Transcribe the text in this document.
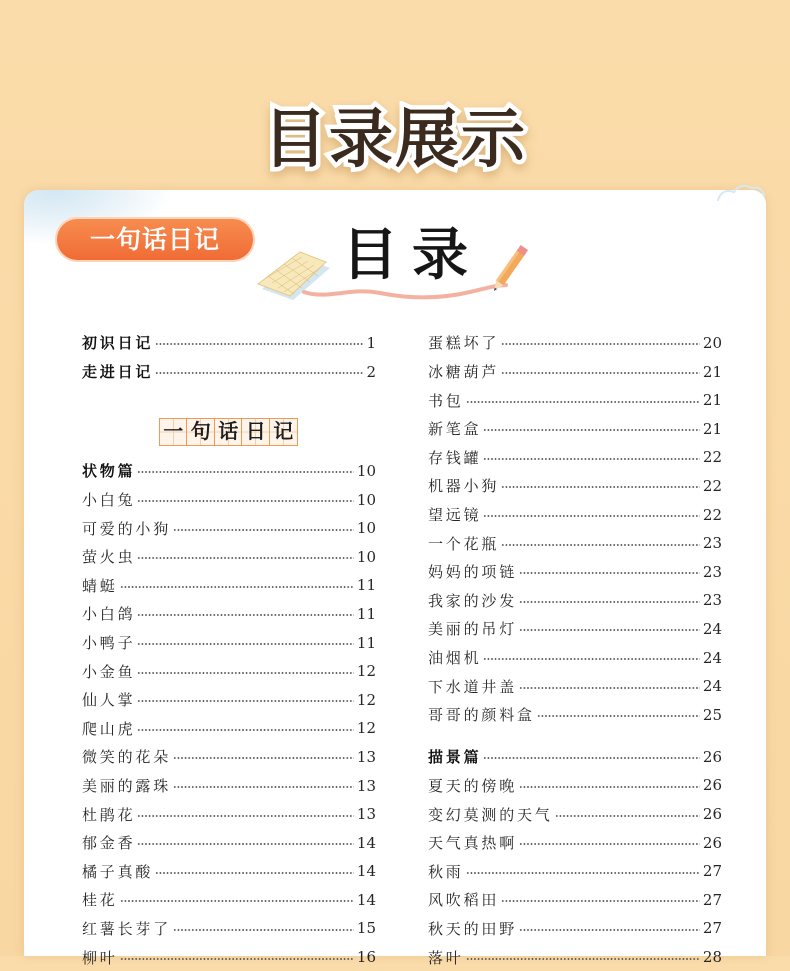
目录展示
初识日记	1
走进日记	2
一 句 话 日 记
状物篇	10
小白兔	10
可爱的小狗	10
萤火虫	10
蜻蜓	11
小白鸽	11
小鸭子	11
小金鱼	12
仙人掌	12
爬山虎	12
微笑的花朵	13
美丽的露珠	13
杜鹃花	13
郁金香	14
橘子真酸	14
桂花	14
红薯长芽了	15
柳叶	16
蛋糕坏了	20
冰糖葫芦	21
书包	21
新笔盒	21
存钱罐	22
机器小狗	22
望远镜	22
一个花瓶	23
妈妈的项链	23
我家的沙发	23
美丽的吊灯	24
油烟机	24
下水道井盖	24
哥哥的颜料盒	25
描景篇	26
夏天的傍晚	26
变幻莫测的天气	26
天气真热啊	26
秋雨	27
风吹稻田	27
秋天的田野	27
落叶	28
一句话日记	目录
